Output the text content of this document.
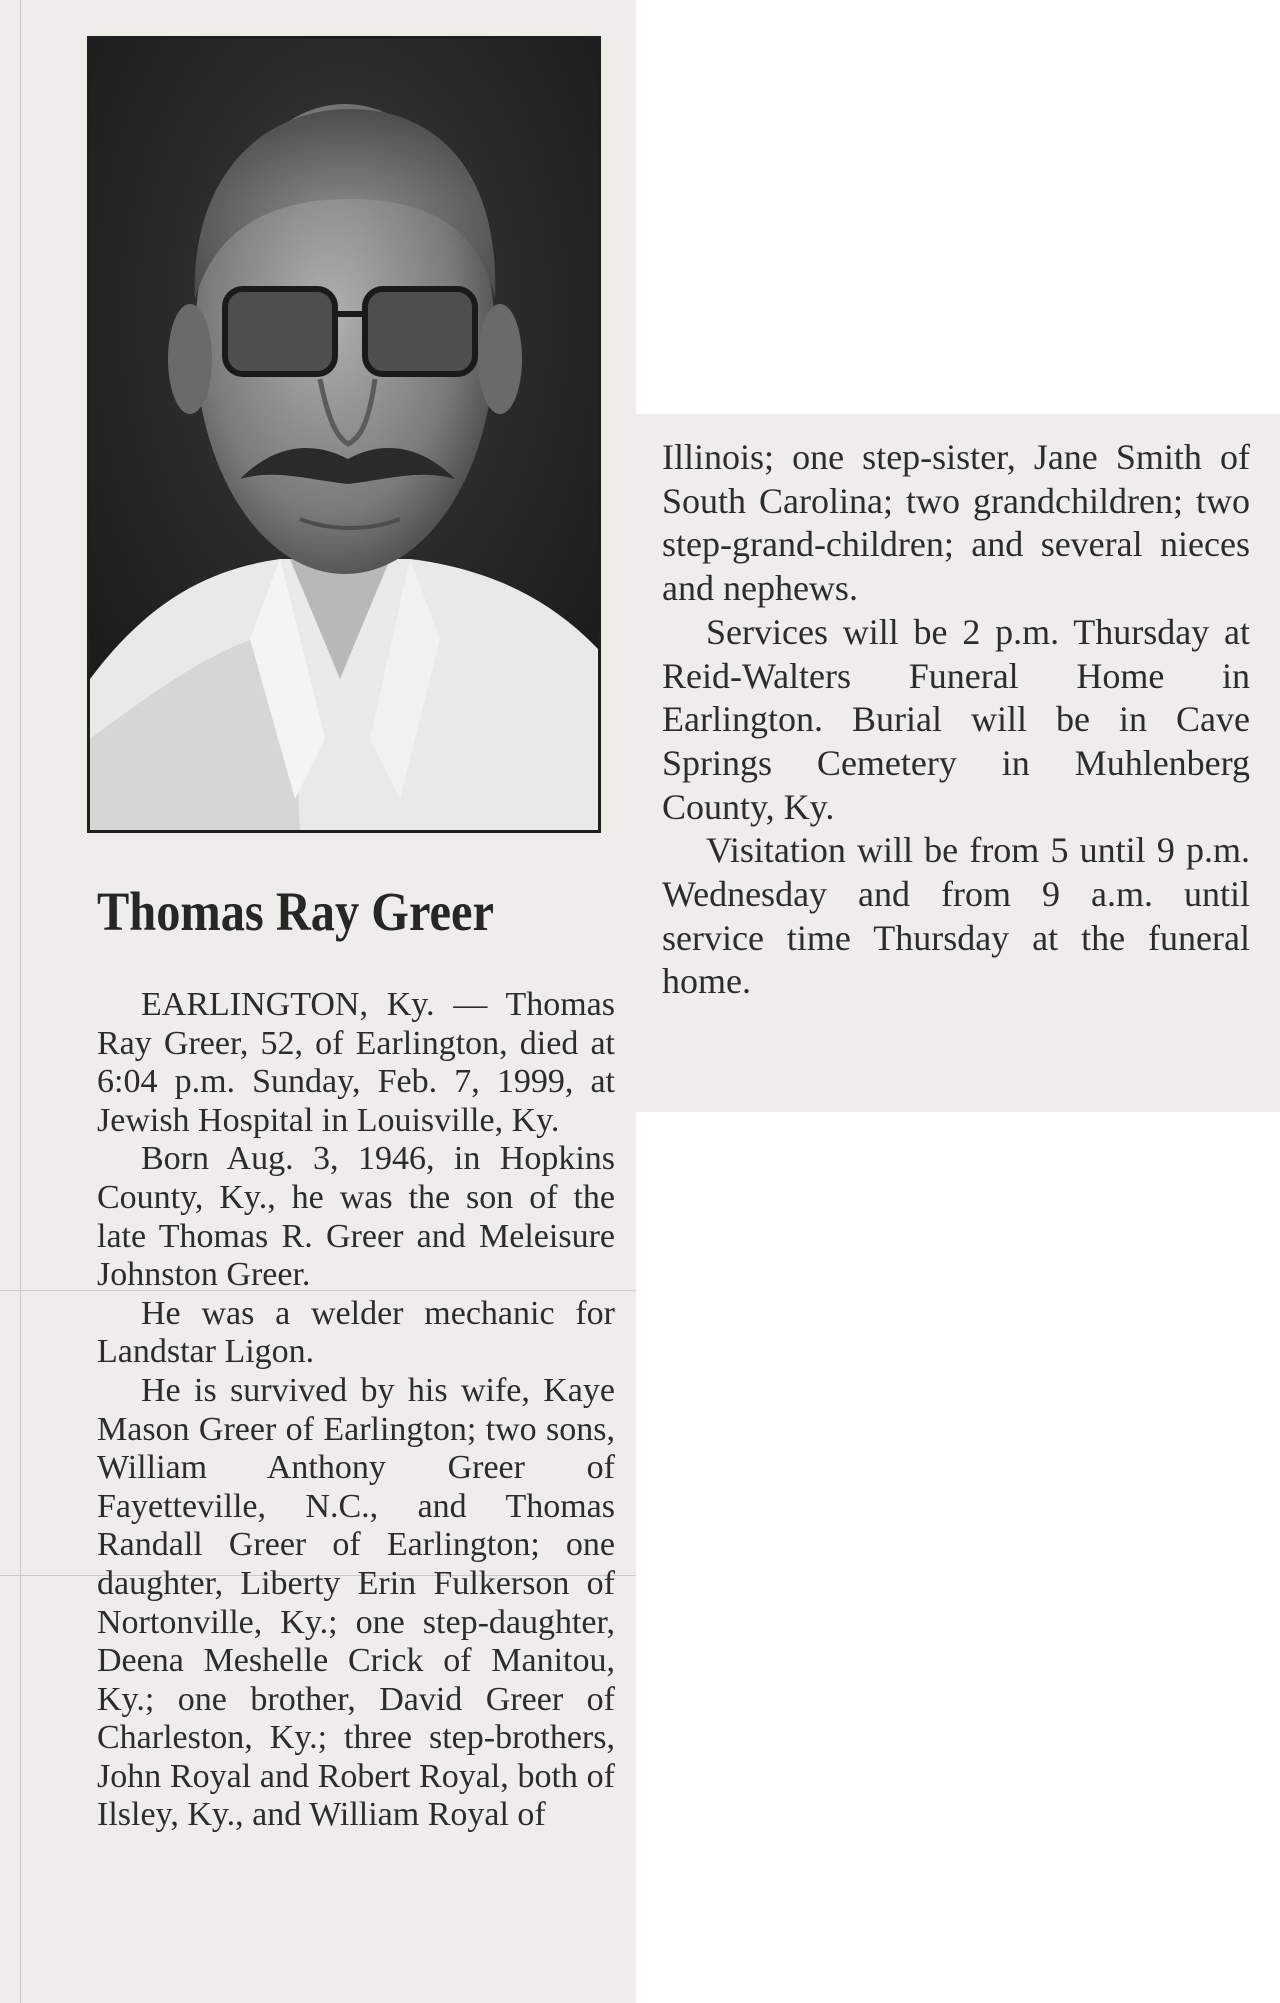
Thomas Ray Greer

EARLINGTON, Ky. — Thomas Ray Greer, 52, of Earlington, died at 6:04 p.m. Sunday, Feb. 7, 1999, at Jewish Hospital in Louisville, Ky.

Born Aug. 3, 1946, in Hopkins County, Ky., he was the son of the late Thomas R. Greer and Meleisure Johnston Greer.

He was a welder mechanic for Landstar Ligon.

He is survived by his wife, Kaye Mason Greer of Earlington; two sons, William Anthony Greer of Fayetteville, N.C., and Thomas Randall Greer of Earlington; one daughter, Liberty Erin Fulkerson of Nortonville, Ky.; one step-daughter, Deena Meshelle Crick of Manitou, Ky.; one brother, David Greer of Charleston, Ky.; three step-brothers, John Royal and Robert Royal, both of Ilsley, Ky., and William Royal of

Illinois; one step-sister, Jane Smith of South Carolina; two grandchildren; two step-grand-children; and several nieces and nephews.

Services will be 2 p.m. Thursday at Reid-Walters Funeral Home in Earlington. Burial will be in Cave Springs Cemetery in Muhlenberg County, Ky.

Visitation will be from 5 until 9 p.m. Wednesday and from 9 a.m. until service time Thursday at the funeral home.
